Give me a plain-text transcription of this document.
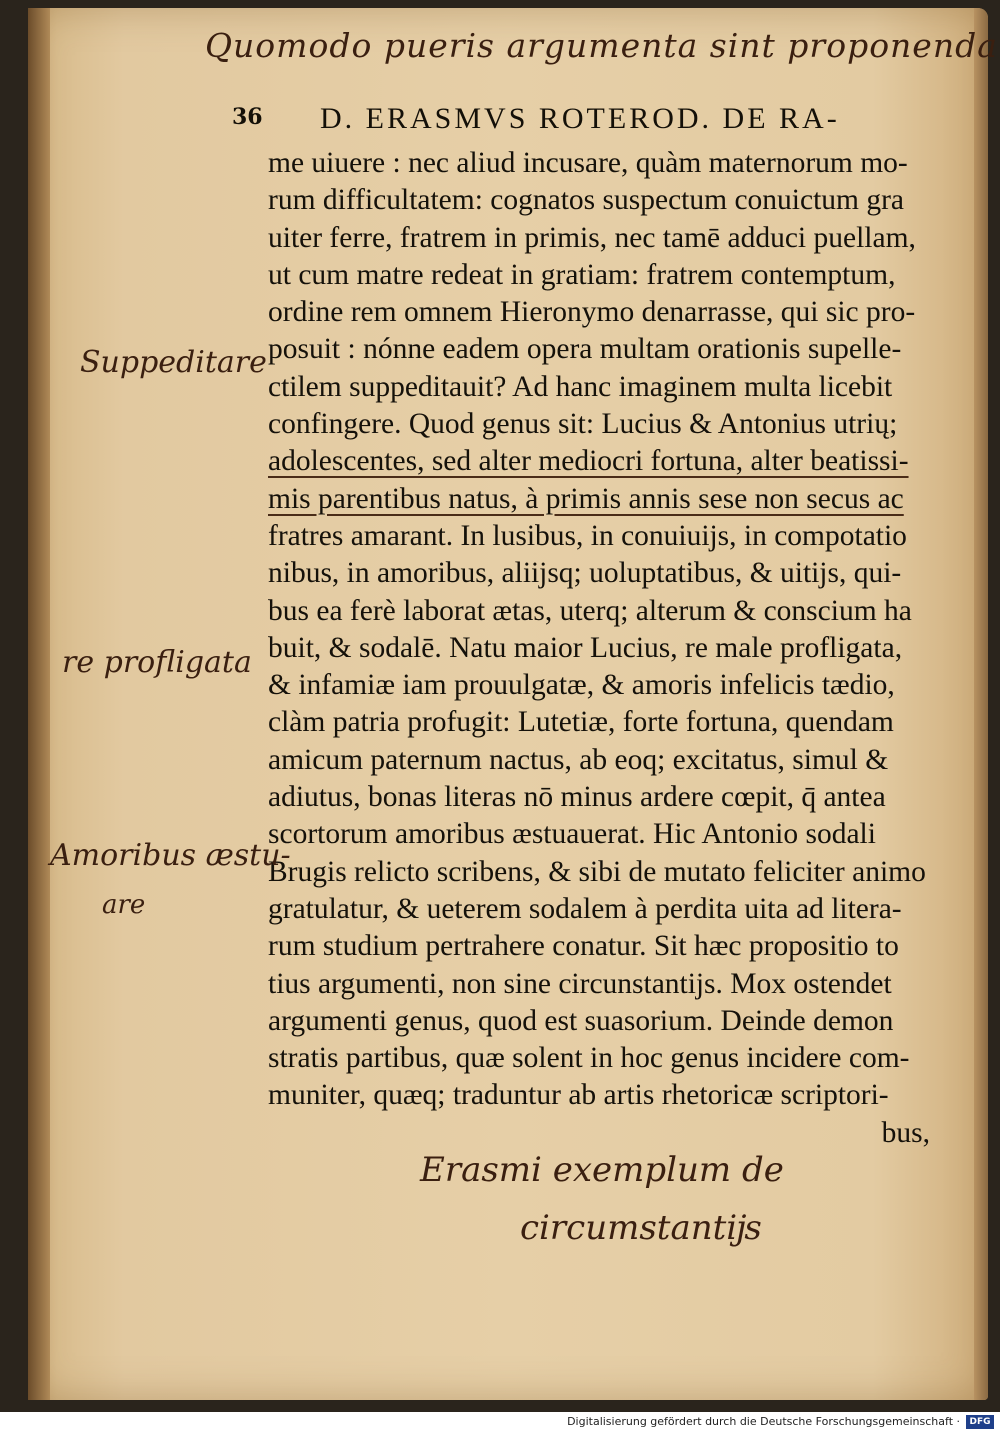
Quomodo pueris argumenta sint proponenda
36 D. ERASMVS ROTEROD. DE RA-
me uiuere : nec aliud incusare, quàm maternorum mo-
rum difficultatem: cognatos suspectum conuictum gra
uiter ferre, fratrem in primis, nec tamē adduci puellam,
ut cum matre redeat in gratiam: fratrem contemptum,
ordine rem omnem Hieronymo denarrasse, qui sic pro-
posuit : nónne eadem opera multam orationis supelle-
ctilem suppeditauit? Ad hanc imaginem multa licebit
confingere. Quod genus sit: Lucius & Antonius utrių;
adolescentes, sed alter mediocri fortuna, alter beatissi-
mis parentibus natus, à primis annis sese non secus ac
fratres amarant. In lusibus, in conuiuĳs, in compotatio
nibus, in amoribus, aliĳsq; uoluptatibus, & uitĳs, qui-
bus ea ferè laborat ætas, uterq; alterum & conscium ha
buit, & sodalē. Natu maior Lucius, re male profligata,
& infamiæ iam prouulgatæ, & amoris infelicis tædio,
clàm patria profugit: Lutetiæ, forte fortuna, quendam
amicum paternum nactus, ab eoq; excitatus, simul &
adiutus, bonas literas nō minus ardere cœpit, q̄ antea
scortorum amoribus æstuauerat. Hic Antonio sodali
Brugis relicto scribens, & sibi de mutato feliciter animo
gratulatur, & ueterem sodalem à perdita uita ad litera-
rum studium pertrahere conatur. Sit hæc propositio to
tius argumenti, non sine circunstantĳs. Mox ostendet
argumenti genus, quod est suasorium. Deinde demon
stratis partibus, quæ solent in hoc genus incidere com-
muniter, quæq; traduntur ab artis rhetoricæ scriptori-
bus,
Suppeditare
re profligata
Amoribus æstu-
are
Erasmi exemplum de
circumstantĳs
Digitalisierung gefördert durch die Deutsche Forschungsgemeinschaft ·	DFG
